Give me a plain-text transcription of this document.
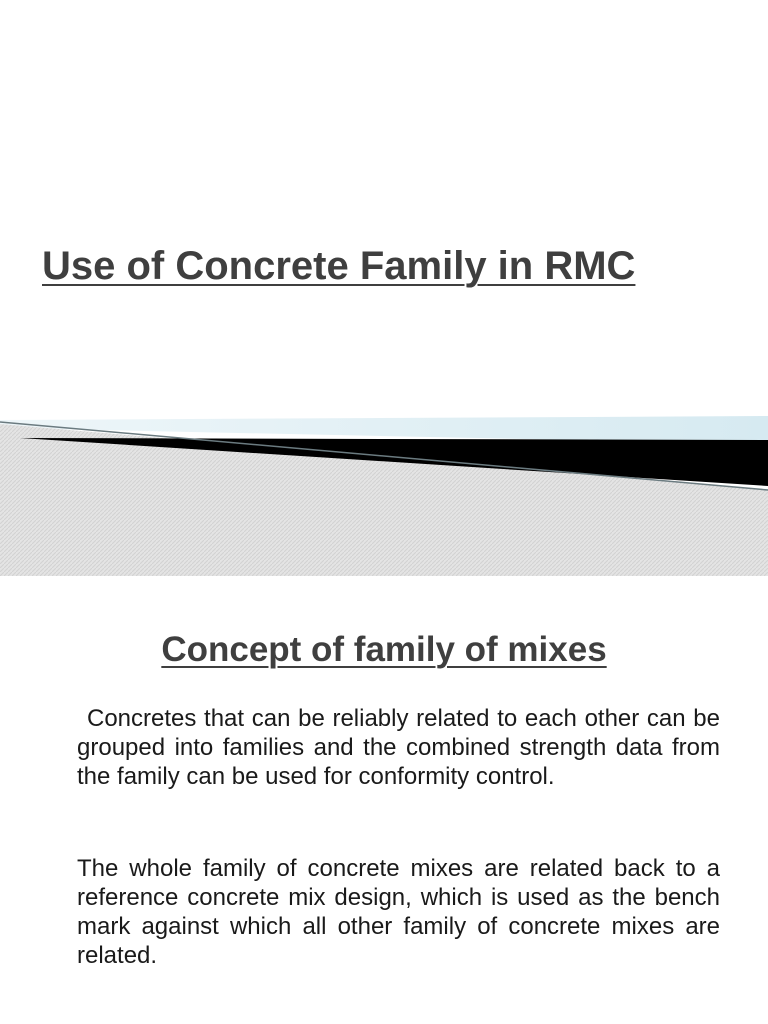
Use of Concrete Family in RMC
Concept of family of mixes

Concretes that can be reliably related to each other can be grouped into families and the combined strength data from the family can be used for conformity control.

The whole family of concrete mixes are related back to a reference concrete mix design, which is used as the bench mark against which all other family of concrete mixes are related.
